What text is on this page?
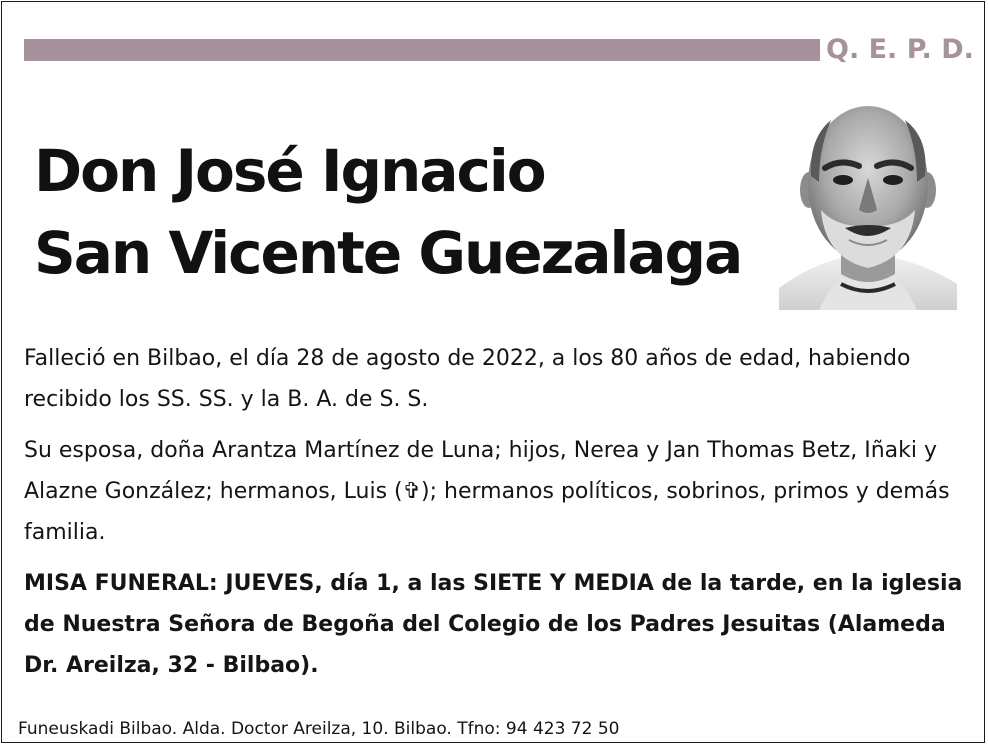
Q. E. P. D.
Don José Ignacio
San Vicente Guezalaga

Falleció en Bilbao, el día 28 de agosto de 2022, a los 80 años de edad, habiendo recibido los SS. SS. y la B. A. de S. S.

Su esposa, doña Arantza Martínez de Luna; hijos, Nerea y Jan Thomas Betz, Iñaki y Alazne González; hermanos, Luis (✞); hermanos políticos, sobrinos, primos y demás familia.

MISA FUNERAL: JUEVES, día 1, a las SIETE Y MEDIA de la tarde, en la iglesia de Nuestra Señora de Begoña del Colegio de los Padres Jesuitas (Alameda Dr. Areilza, 32 - Bilbao).

Funeuskadi Bilbao. Alda. Doctor Areilza, 10. Bilbao. Tfno: 94 423 72 50
